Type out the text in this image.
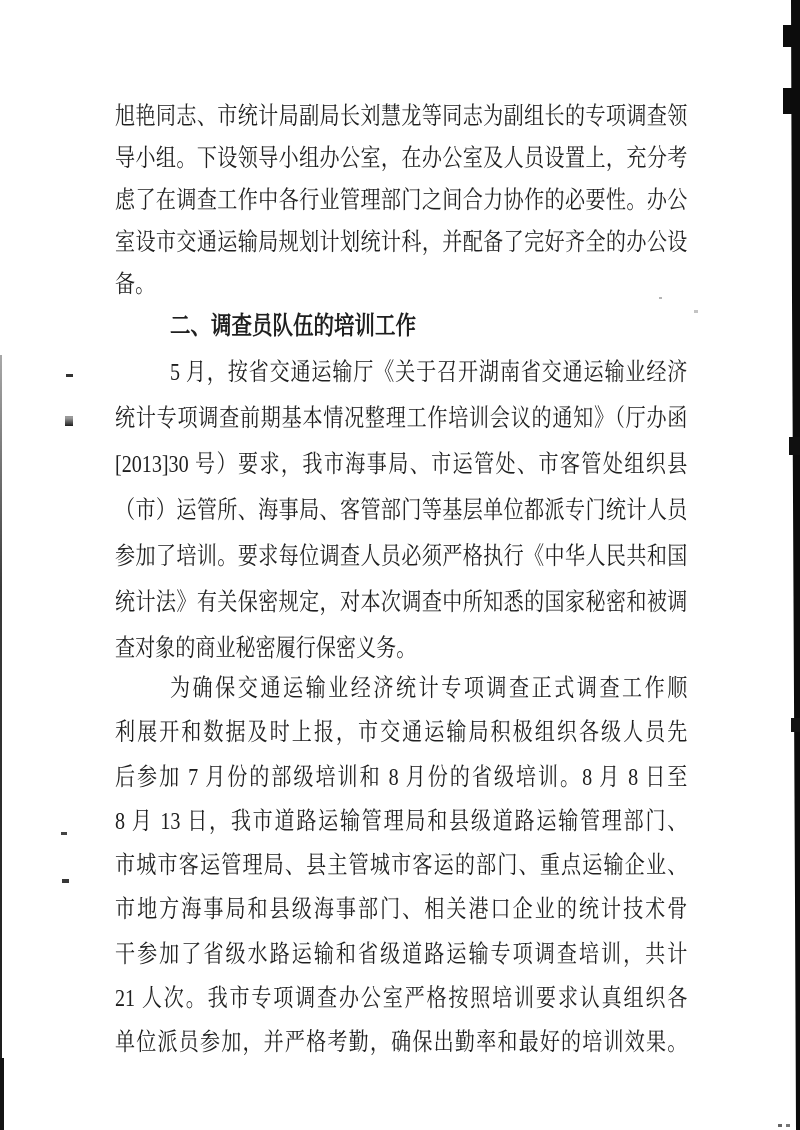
旭艳同志、市统计局副局长刘慧龙等同志为副组长的专项调查领
导小组。下设领导小组办公室，在办公室及人员设置上，充分考
虑了在调查工作中各行业管理部门之间合力协作的必要性。办公
室设市交通运输局规划计划统计科，并配备了完好齐全的办公设
备。
二、调查员队伍的培训工作
5 月，按省交通运输厅《关于召开湖南省交通运输业经济
统计专项调查前期基本情况整理工作培训会议的通知》（厅办函
[2013]30 号）要求，我市海事局、市运管处、市客管处组织县
（市）运管所、海事局、客管部门等基层单位都派专门统计人员
参加了培训。要求每位调查人员必须严格执行《中华人民共和国
统计法》有关保密规定，对本次调查中所知悉的国家秘密和被调
查对象的商业秘密履行保密义务。
为确保交通运输业经济统计专项调查正式调查工作顺
利展开和数据及时上报，市交通运输局积极组织各级人员先
后参加 7 月份的部级培训和 8 月份的省级培训。8 月 8 日至
8 月 13 日，我市道路运输管理局和县级道路运输管理部门、
市城市客运管理局、县主管城市客运的部门、重点运输企业、
市地方海事局和县级海事部门、相关港口企业的统计技术骨
干参加了省级水路运输和省级道路运输专项调查培训，共计
21 人次。我市专项调查办公室严格按照培训要求认真组织各
单位派员参加，并严格考勤，确保出勤率和最好的培训效果。
